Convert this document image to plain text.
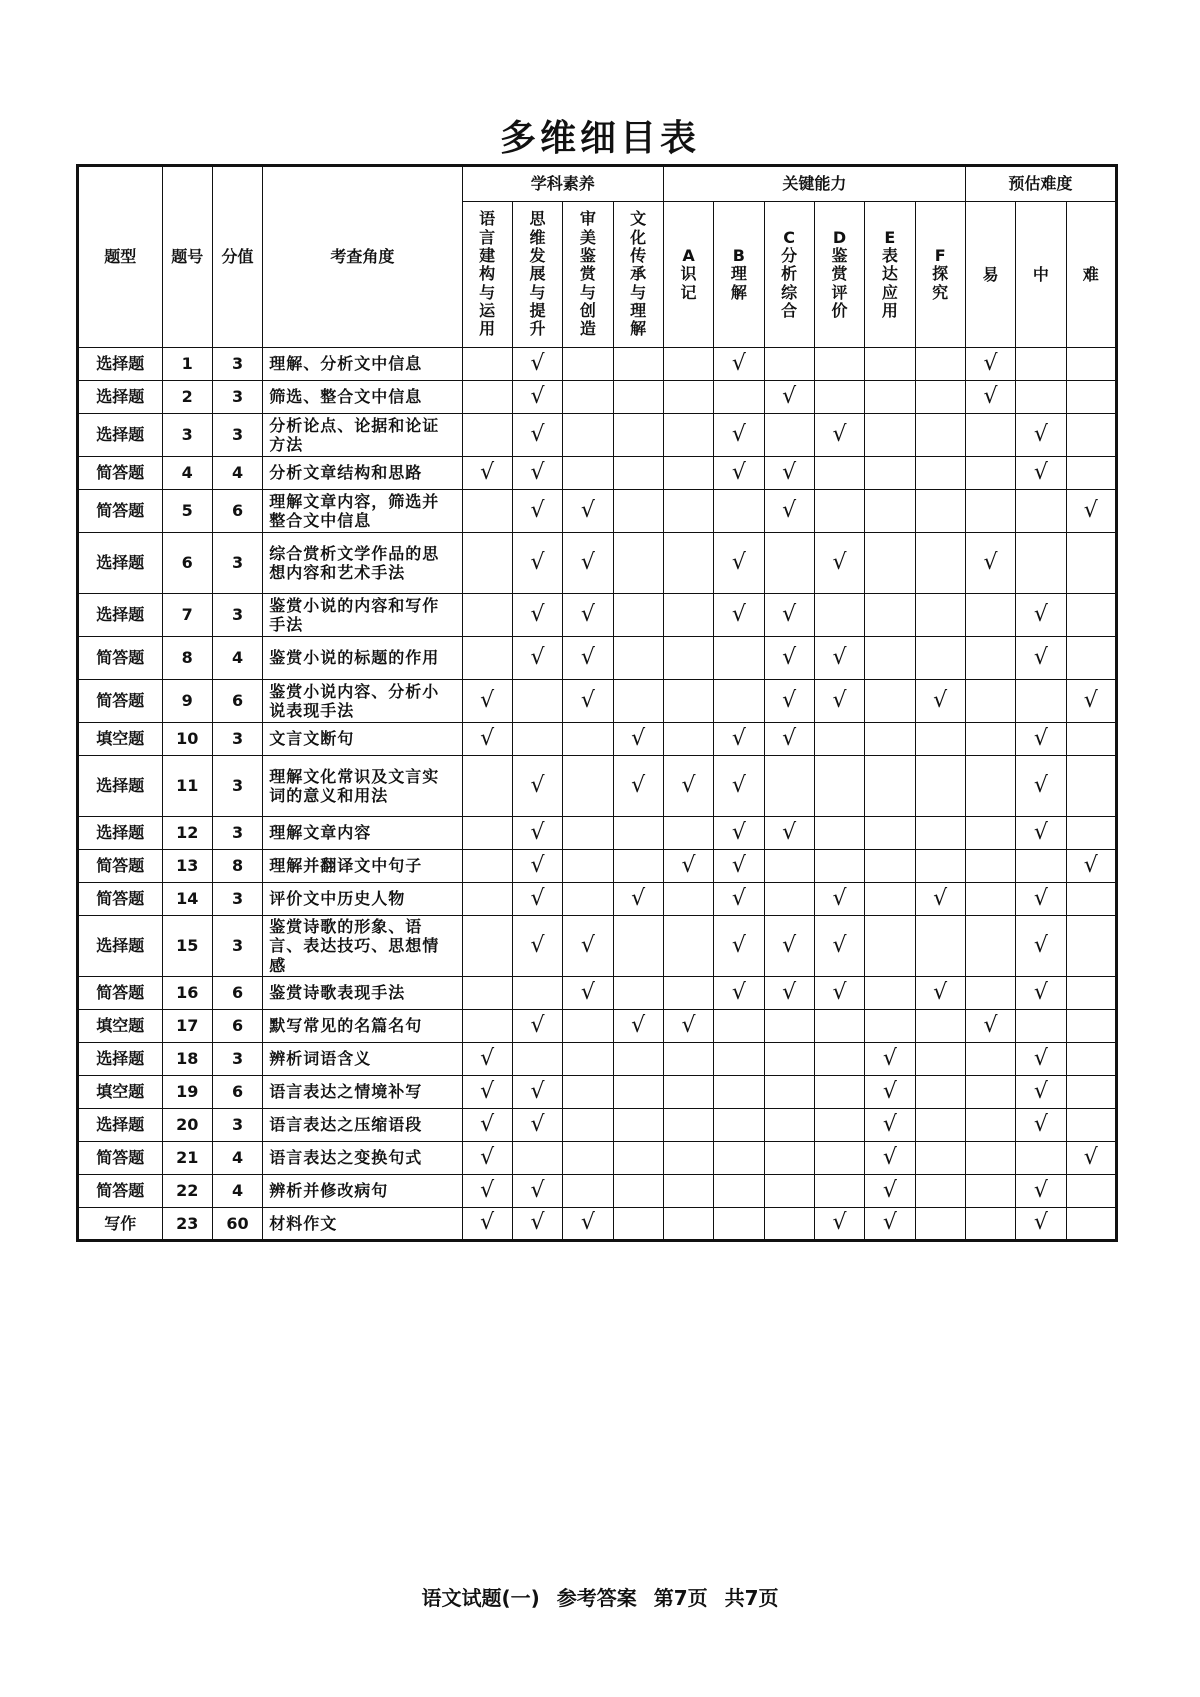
多维细目表
题型	题号	分值	考查角度	学科素养				关键能力						预估难度		
				语言建构与运用	思维发展与提升	审美鉴赏与创造	文化传承与理解	A识记	B理解	C分析综合	D鉴赏评价	E表达应用	F探究	易	中	难
选择题	1	3	理解、分析文中信息		√				√					√		
选择题	2	3	筛选、整合文中信息		√					√				√		
选择题	3	3	分析论点、论据和论证方法		√				√		√				√	
简答题	4	4	分析文章结构和思路	√	√				√	√					√	
简答题	5	6	理解文章内容，筛选并整合文中信息		√	√				√						√
选择题	6	3	综合赏析文学作品的思想内容和艺术手法		√	√			√		√			√		
选择题	7	3	鉴赏小说的内容和写作手法		√	√			√	√					√	
简答题	8	4	鉴赏小说的标题的作用		√	√				√	√				√	
简答题	9	6	鉴赏小说内容、分析小说表现手法	√		√				√	√		√			√
填空题	10	3	文言文断句	√			√		√	√					√	
选择题	11	3	理解文化常识及文言实词的意义和用法		√		√	√	√						√	
选择题	12	3	理解文章内容		√				√	√					√	
简答题	13	8	理解并翻译文中句子		√			√	√							√
简答题	14	3	评价文中历史人物		√		√		√		√		√		√	
选择题	15	3	鉴赏诗歌的形象、语言、表达技巧、思想情感		√	√			√	√	√				√	
简答题	16	6	鉴赏诗歌表现手法			√			√	√	√		√		√	
填空题	17	6	默写常见的名篇名句		√		√	√						√		
选择题	18	3	辨析词语含义	√								√			√	
填空题	19	6	语言表达之情境补写	√	√							√			√	
选择题	20	3	语言表达之压缩语段	√	√							√			√	
简答题	21	4	语言表达之变换句式	√								√				√
简答题	22	4	辨析并修改病句	√	√							√			√	
写作	23	60	材料作文	√	√	√					√	√			√	
语文试题(一) 参考答案 第7页 共7页
